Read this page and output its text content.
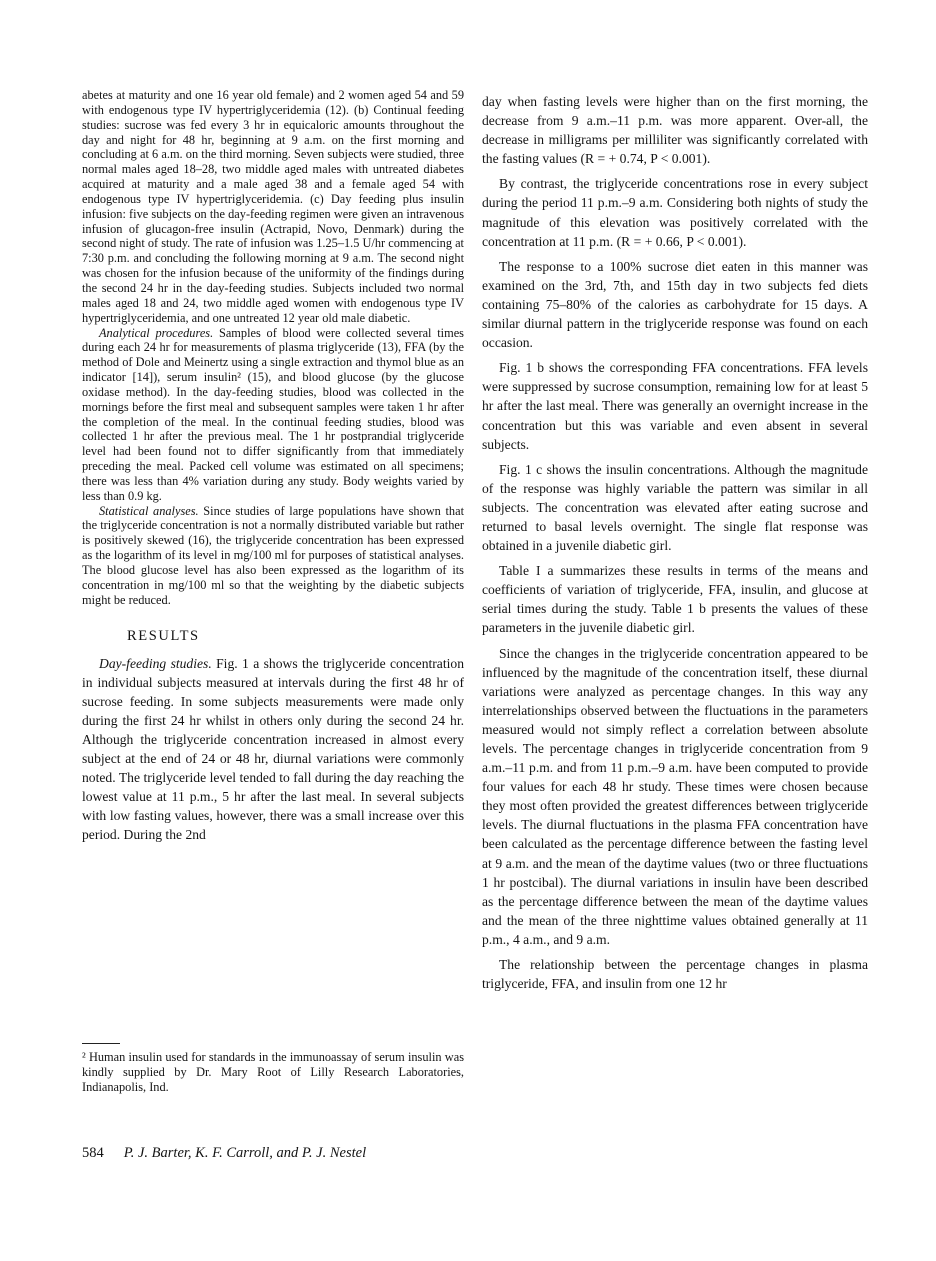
abetes at maturity and one 16 year old female) and 2 women aged 54 and 59 with endogenous type IV hypertriglyceridemia (12). (b) Continual feeding studies: sucrose was fed every 3 hr in equicaloric amounts throughout the day and night for 48 hr, beginning at 9 a.m. on the first morning and concluding at 6 a.m. on the third morning. Seven subjects were studied, three normal males aged 18–28, two middle aged males with untreated diabetes acquired at maturity and a male aged 38 and a female aged 54 with endogenous type IV hypertriglyceridemia. (c) Day feeding plus insulin infusion: five subjects on the day-feeding regimen were given an intravenous infusion of glucagon-free insulin (Actrapid, Novo, Denmark) during the second night of study. The rate of infusion was 1.25–1.5 U/hr commencing at 7:30 p.m. and concluding the following morning at 9 a.m. The second night was chosen for the infusion because of the uniformity of the findings during the second 24 hr in the day-feeding studies. Subjects included two normal males aged 18 and 24, two middle aged women with endogenous type IV hypertriglyceridemia, and one untreated 12 year old male diabetic.

Analytical procedures. Samples of blood were collected several times during each 24 hr for measurements of plasma triglyceride (13), FFA (by the method of Dole and Meinertz using a single extraction and thymol blue as an indicator [14]), serum insulin² (15), and blood glucose (by the glucose oxidase method). In the day-feeding studies, blood was collected in the mornings before the first meal and subsequent samples were taken 1 hr after the completion of the meal. In the continual feeding studies, blood was collected 1 hr after the previous meal. The 1 hr postprandial triglyceride level had been found not to differ significantly from that immediately preceding the meal. Packed cell volume was estimated on all specimens; there was less than 4% variation during any study. Body weights varied by less than 0.9 kg.

Statistical analyses. Since studies of large populations have shown that the triglyceride concentration is not a normally distributed variable but rather is positively skewed (16), the triglyceride concentration has been expressed as the logarithm of its level in mg/100 ml for purposes of statistical analyses. The blood glucose level has also been expressed as the logarithm of its concentration in mg/100 ml so that the weighting by the diabetic subjects might be reduced.

RESULTS

Day-feeding studies. Fig. 1 a shows the triglyceride concentration in individual subjects measured at intervals during the first 48 hr of sucrose feeding. In some subjects measurements were made only during the first 24 hr whilst in others only during the second 24 hr. Although the triglyceride concentration increased in almost every subject at the end of 24 or 48 hr, diurnal variations were commonly noted. The triglyceride level tended to fall during the day reaching the lowest value at 11 p.m., 5 hr after the last meal. In several subjects with low fasting values, however, there was a small increase over this period. During the 2nd

² Human insulin used for standards in the immunoassay of serum insulin was kindly supplied by Dr. Mary Root of Lilly Research Laboratories, Indianapolis, Ind.

584 P. J. Barter, K. F. Carroll, and P. J. Nestel

day when fasting levels were higher than on the first morning, the decrease from 9 a.m.–11 p.m. was more apparent. Over-all, the decrease in milligrams per milliliter was significantly correlated with the fasting values (R = + 0.74, P < 0.001).

By contrast, the triglyceride concentrations rose in every subject during the period 11 p.m.–9 a.m. Considering both nights of study the magnitude of this elevation was positively correlated with the concentration at 11 p.m. (R = + 0.66, P < 0.001).

The response to a 100% sucrose diet eaten in this manner was examined on the 3rd, 7th, and 15th day in two subjects fed diets containing 75–80% of the calories as carbohydrate for 15 days. A similar diurnal pattern in the triglyceride response was found on each occasion.

Fig. 1 b shows the corresponding FFA concentrations. FFA levels were suppressed by sucrose consumption, remaining low for at least 5 hr after the last meal. There was generally an overnight increase in the concentration but this was variable and even absent in several subjects.

Fig. 1 c shows the insulin concentrations. Although the magnitude of the response was highly variable the pattern was similar in all subjects. The concentration was elevated after eating sucrose and returned to basal levels overnight. The single flat response was obtained in a juvenile diabetic girl.

Table I a summarizes these results in terms of the means and coefficients of variation of triglyceride, FFA, insulin, and glucose at serial times during the study. Table 1 b presents the values of these parameters in the juvenile diabetic girl.

Since the changes in the triglyceride concentration appeared to be influenced by the magnitude of the concentration itself, these diurnal variations were analyzed as percentage changes. In this way any interrelationships observed between the fluctuations in the parameters measured would not simply reflect a correlation between absolute levels. The percentage changes in triglyceride concentration from 9 a.m.–11 p.m. and from 11 p.m.–9 a.m. have been computed to provide four values for each 48 hr study. These times were chosen because they most often provided the greatest differences between triglyceride levels. The diurnal fluctuations in the plasma FFA concentration have been calculated as the percentage difference between the fasting level at 9 a.m. and the mean of the daytime values (two or three fluctuations 1 hr postcibal). The diurnal variations in insulin have been described as the percentage difference between the mean of the daytime values and the mean of the three nighttime values obtained generally at 11 p.m., 4 a.m., and 9 a.m.

The relationship between the percentage changes in plasma triglyceride, FFA, and insulin from one 12 hr
